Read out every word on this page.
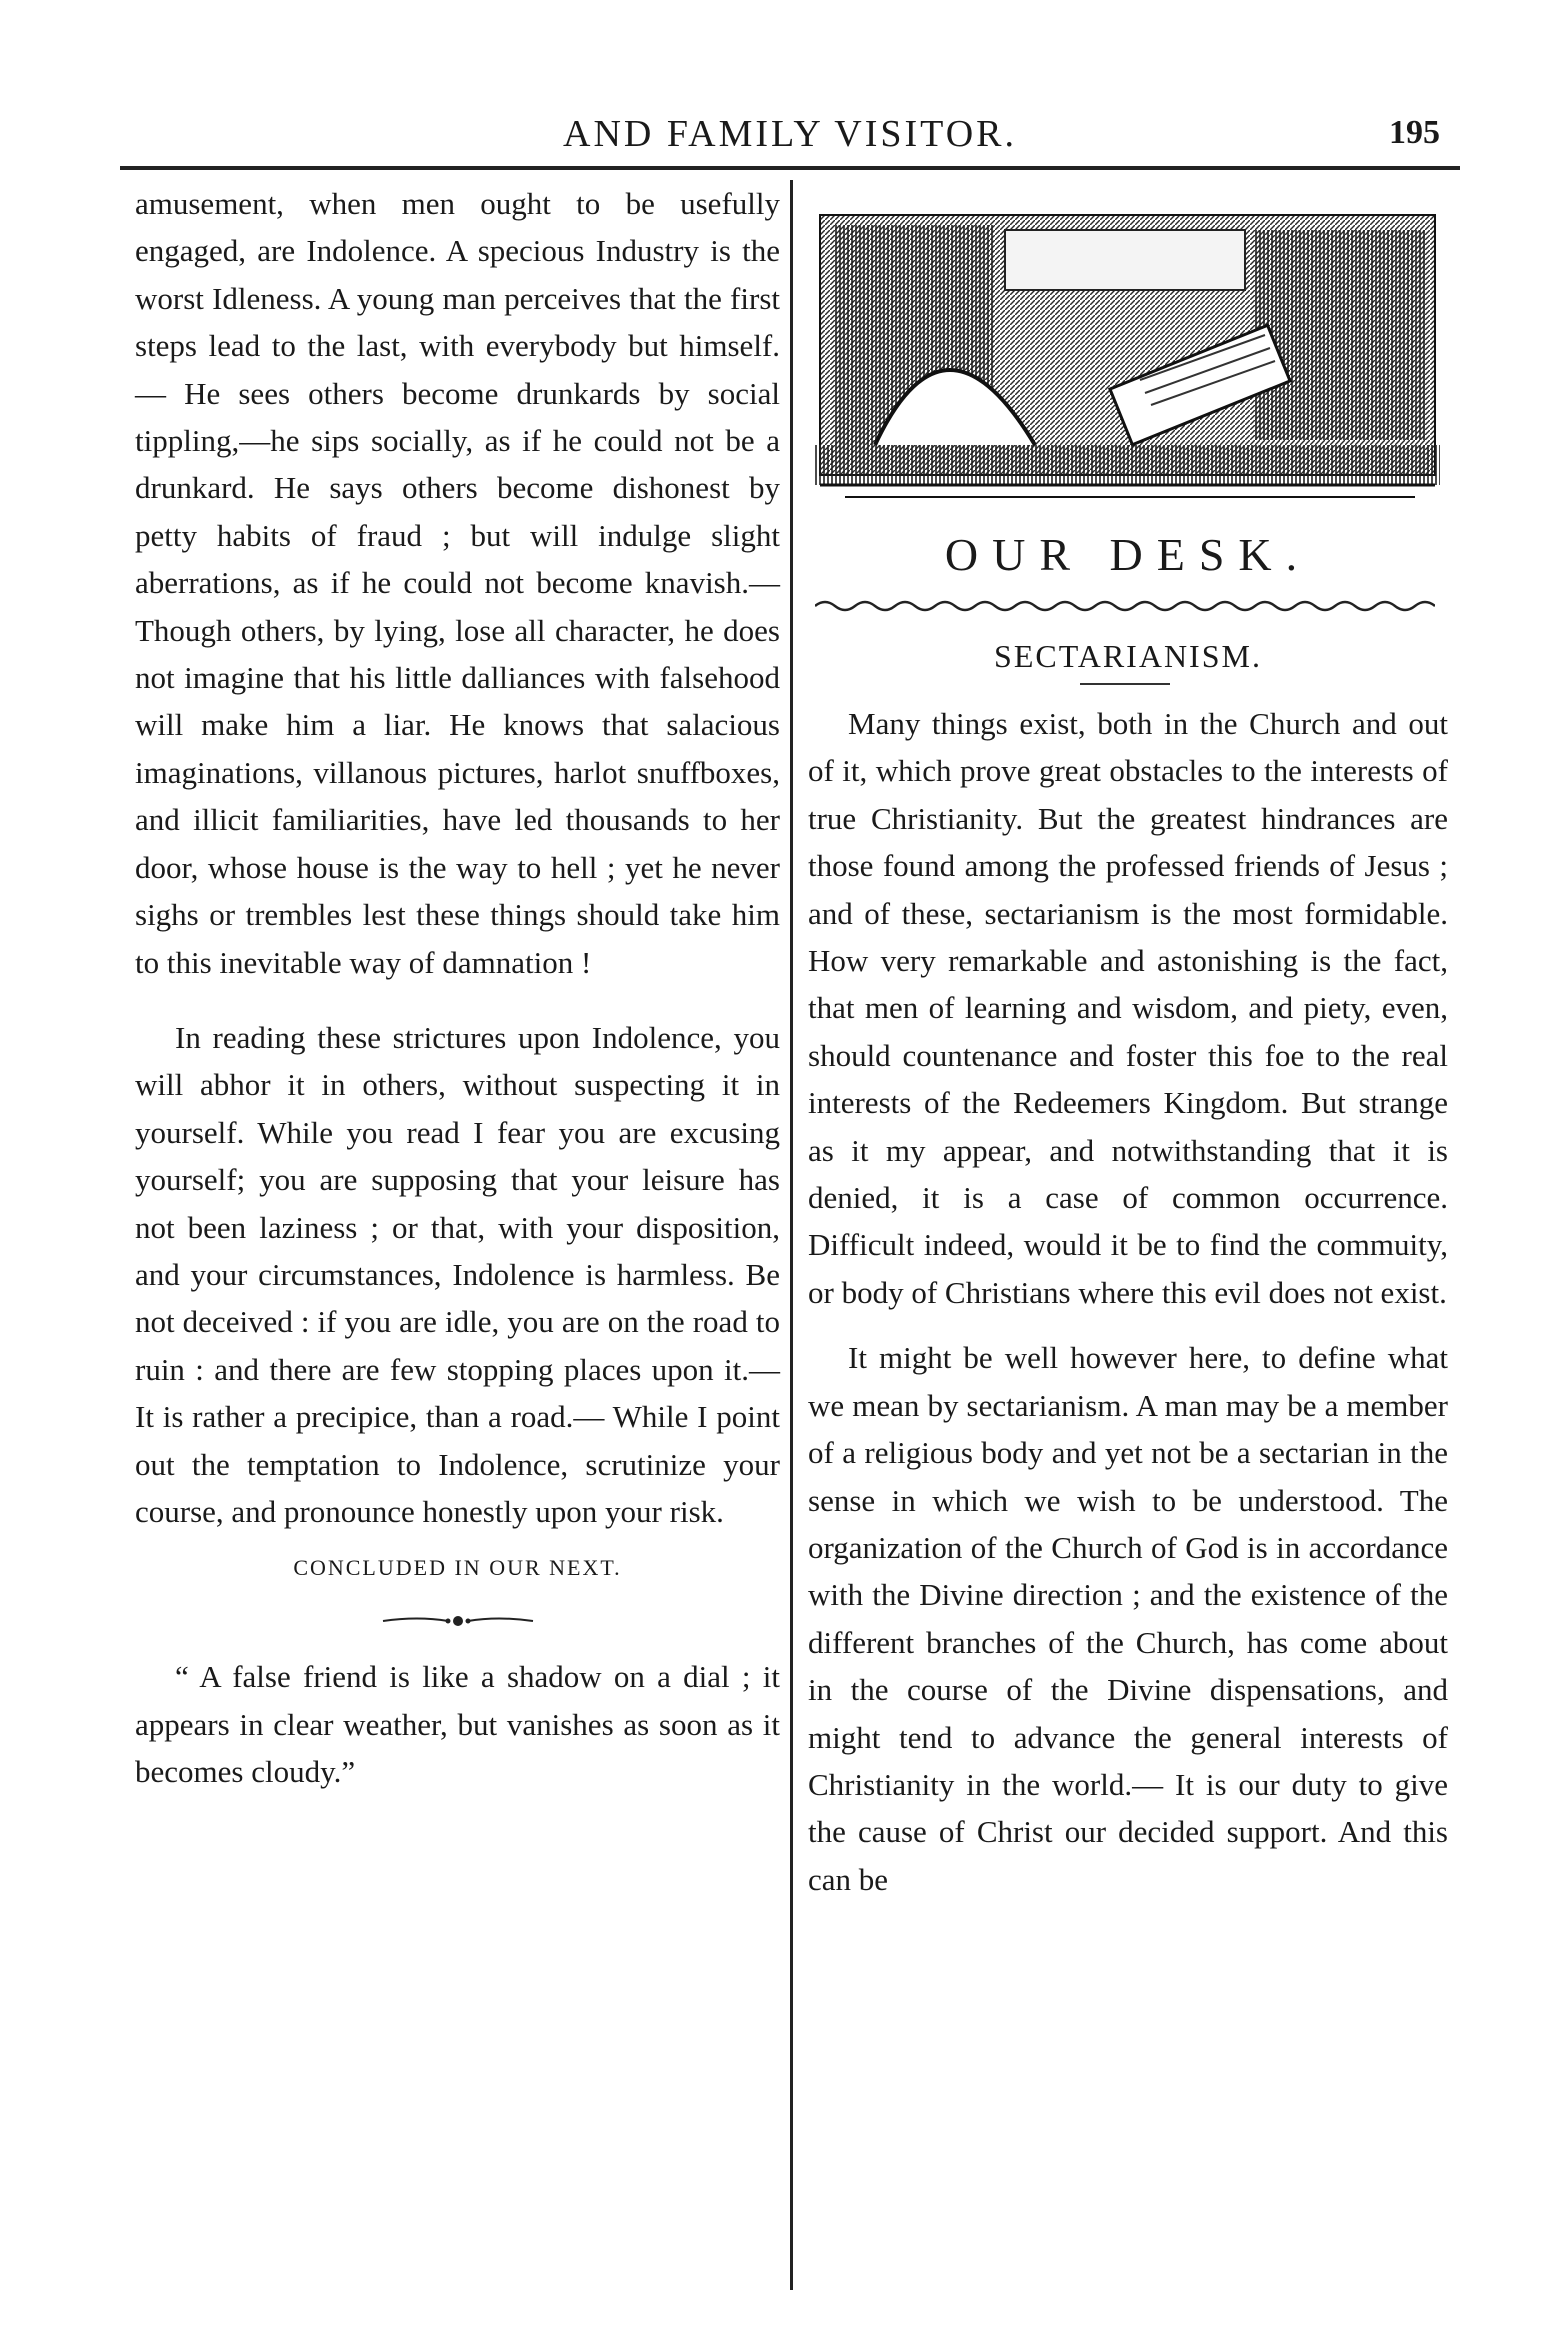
AND FAMILY VISITOR.	195

amusement, when men ought to be usefully engaged, are Indolence. A specious Industry is the worst Idleness. A young man perceives that the first steps lead to the last, with everybody but himself.— He sees others become drunkards by social tippling,—he sips socially, as if he could not be a drunkard. He says others become dishonest by petty habits of fraud ; but will indulge slight aberrations, as if he could not become knavish.— Though others, by lying, lose all character, he does not imagine that his little dalliances with falsehood will make him a liar. He knows that salacious imaginations, villanous pictures, harlot snuffboxes, and illicit familiarities, have led thousands to her door, whose house is the way to hell ; yet he never sighs or trembles lest these things should take him to this inevitable way of damnation !

In reading these strictures upon Indolence, you will abhor it in others, without suspecting it in yourself. While you read I fear you are excusing yourself; you are supposing that your leisure has not been laziness ; or that, with your disposition, and your circumstances, Indolence is harmless. Be not deceived : if you are idle, you are on the road to ruin : and there are few stopping places upon it.— It is rather a precipice, than a road.— While I point out the temptation to Indolence, scrutinize your course, and pronounce honestly upon your risk.

CONCLUDED IN OUR NEXT.

“ A false friend is like a shadow on a dial ; it appears in clear weather, but vanishes as soon as it becomes cloudy.”

OUR DESK.
SECTARIANISM.

Many things exist, both in the Church and out of it, which prove great obstacles to the interests of true Christianity. But the greatest hindrances are those found among the professed friends of Jesus ; and of these, sectarianism is the most formidable. How very remarkable and astonishing is the fact, that men of learning and wisdom, and piety, even, should countenance and foster this foe to the real interests of the Redeemers Kingdom. But strange as it my appear, and notwithstanding that it is denied, it is a case of common occurrence. Difficult indeed, would it be to find the commuity, or body of Christians where this evil does not exist.

It might be well however here, to define what we mean by sectarianism. A man may be a member of a religious body and yet not be a sectarian in the sense in which we wish to be understood. The organization of the Church of God is in accordance with the Divine direction ; and the existence of the different branches of the Church, has come about in the course of the Divine dispensations, and might tend to advance the general interests of Christianity in the world.— It is our duty to give the cause of Christ our decided support. And this can be
